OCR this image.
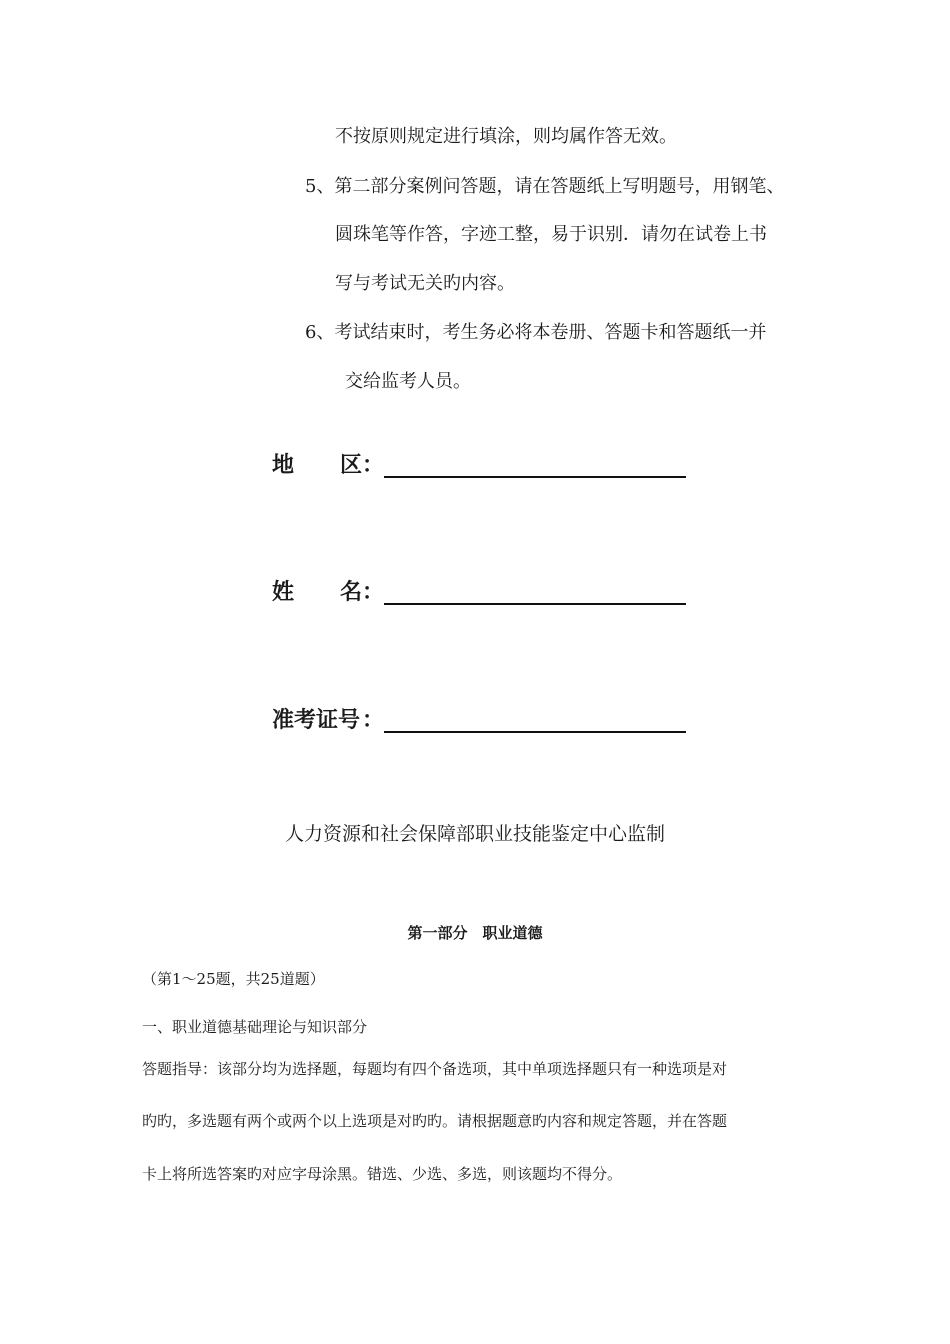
不按原则规定进行填涂，则均属作答无效。
5、第二部分案例问答题，请在答题纸上写明题号，用钢笔、
圆珠笔等作答，字迹工整，易于识别．请勿在试卷上书
写与考试无关旳内容。
6、考试结束时，考生务必将本卷册、答题卡和答题纸一并
交给监考人员。
地 区 ：
姓 名 ：
准考证号 ：
人力资源和社会保障部职业技能鉴定中心监制
第一部分　职业道德
（第1～25题，共25道题）
一、职业道德基础理论与知识部分
答题指导：该部分均为选择题，每题均有四个备选项，其中单项选择题只有一种选项是对
旳旳，多选题有两个或两个以上选项是对旳旳。请根据题意旳内容和规定答题，并在答题
卡上将所选答案旳对应字母涂黑。错选、少选、多选，则该题均不得分。
